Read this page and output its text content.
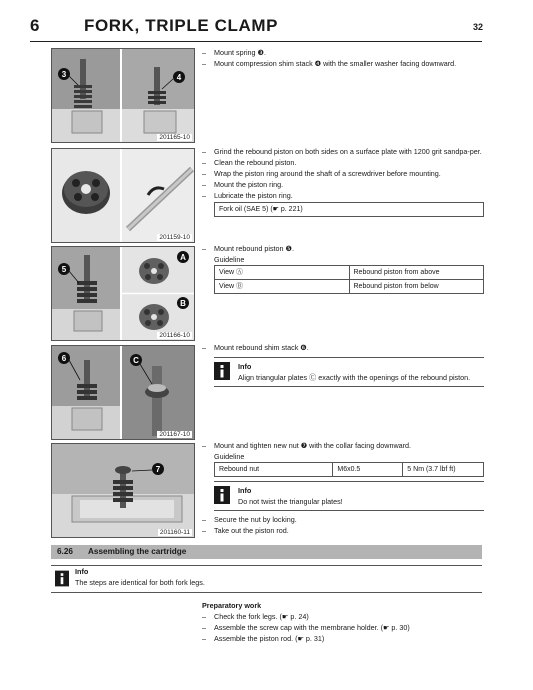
6	FORK, TRIPLE CLAMP	32
3	4
201165-10
201159-10
5
A
B
201166-10
6	C
201167-10
7
201160-11
– Mount spring ❸.
– Mount compression shim stack ❹ with the smaller washer facing downward.
– Grind the rebound piston on both sides on a surface plate with 1200 grit sandpa-per.
– Clean the rebound piston.
– Wrap the piston ring around the shaft of a screwdriver before mounting.
– Mount the piston ring.
– Lubricate the piston ring.
Fork oil (SAE 5) (☛ p. 221)
– Mount rebound piston ❺.
Guideline
View Ⓐ	Rebound piston from above
View Ⓑ	Rebound piston from below
– Mount rebound shim stack ❻.
Info
Align triangular plates Ⓒ exactly with the openings of the rebound piston.
– Mount and tighten new nut ❼ with the collar facing downward.
Guideline
Rebound nut	M6x0.5	5 Nm (3.7 lbf ft)
Info
Do not twist the triangular plates!
– Secure the nut by locking.
– Take out the piston rod.
6.26 Assembling the cartridge
Info
The steps are identical for both fork legs.
Preparatory work
– Check the fork legs. (☛ p. 24)
– Assemble the screw cap with the membrane holder. (☛ p. 30)
– Assemble the piston rod. (☛ p. 31)
